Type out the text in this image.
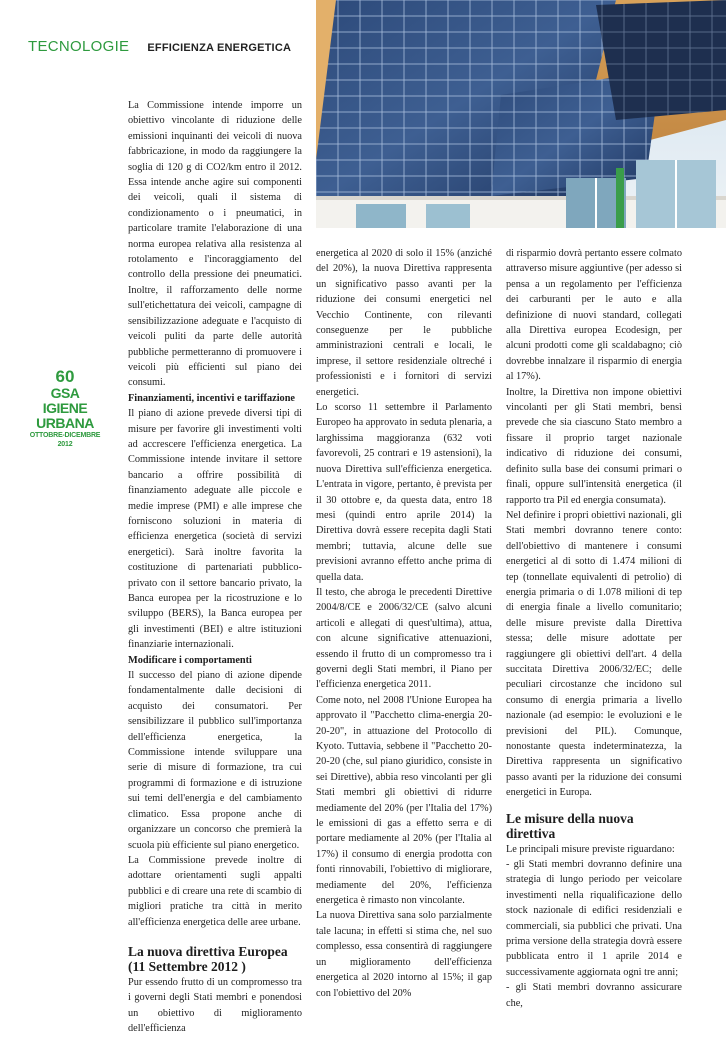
TECNOLOGIE EFFICIENZA ENERGETICA
60
GSA
IGIENE URBANA
OTTOBRE-DICEMBRE 2012

La Commissione intende imporre un obiettivo vincolante di riduzione delle emissioni inquinanti dei veicoli di nuova fabbricazione, in modo da raggiungere la soglia di 120 g di CO2/km entro il 2012. Essa intende anche agire sui componenti dei veicoli, quali il sistema di condizionamento o i pneumatici, in particolare tramite l'elaborazione di una norma europea relativa alla resistenza al rotolamento e l'incoraggiamento del controllo della pressione dei pneumatici. Inoltre, il rafforzamento delle norme sull'etichettatura dei veicoli, campagne di sensibilizzazione adeguate e l'acquisto di veicoli puliti da parte delle autorità pubbliche permetteranno di promuovere i veicoli più efficienti sul piano dei consumi.

Finanziamenti, incentivi e tariffazione

Il piano di azione prevede diversi tipi di misure per favorire gli investimenti volti ad accrescere l'efficienza energetica. La Commissione intende invitare il settore bancario a offrire possibilità di finanziamento adeguate alle piccole e medie imprese (PMI) e alle imprese che forniscono soluzioni in materia di efficienza energetica (società di servizi energetici). Sarà inoltre favorita la costituzione di partenariati pubblico-privato con il settore bancario privato, la Banca europea per la ricostruzione e lo sviluppo (BERS), la Banca europea per gli investimenti (BEI) e altre istituzioni finanziarie internazionali.

Modificare i comportamenti

Il successo del piano di azione dipende fondamentalmente dalle decisioni di acquisto dei consumatori. Per sensibilizzare il pubblico sull'importanza dell'efficienza energetica, la Commissione intende sviluppare una serie di misure di formazione, tra cui programmi di formazione e di istruzione sui temi dell'energia e del cambiamento climatico. Essa propone anche di organizzare un concorso che premierà la scuola più efficiente sul piano energetico.

La Commissione prevede inoltre di adottare orientamenti sugli appalti pubblici e di creare una rete di scambio di migliori pratiche tra città in merito all'efficienza energetica delle aree urbane.

La nuova direttiva Europea (11 Settembre 2012 )

Pur essendo frutto di un compromesso tra i governi degli Stati membri e ponendosi un obiettivo di miglioramento dell'efficienza

energetica al 2020 di solo il 15% (anziché del 20%), la nuova Direttiva rappresenta un significativo passo avanti per la riduzione dei consumi energetici nel Vecchio Continente, con rilevanti conseguenze per le pubbliche amministrazioni centrali e locali, le imprese, il settore residenziale oltreché i professionisti e i fornitori di servizi energetici.

Lo scorso 11 settembre il Parlamento Europeo ha approvato in seduta plenaria, a larghissima maggioranza (632 voti favorevoli, 25 contrari e 19 astensioni), la nuova Direttiva sull'efficienza energetica. L'entrata in vigore, pertanto, è prevista per il 30 ottobre e, da questa data, entro 18 mesi (quindi entro aprile 2014) la Direttiva dovrà essere recepita dagli Stati membri; tuttavia, alcune delle sue previsioni avranno effetto anche prima di quella data.

Il testo, che abroga le precedenti Direttive 2004/8/CE e 2006/32/CE (salvo alcuni articoli e allegati di quest'ultima), attua, con alcune significative attenuazioni, essendo il frutto di un compromesso tra i governi degli Stati membri, il Piano per l'efficienza energetica 2011.

Come noto, nel 2008 l'Unione Europea ha approvato il "Pacchetto clima-energia 20-20-20", in attuazione del Protocollo di Kyoto. Tuttavia, sebbene il "Pacchetto 20-20-20 (che, sul piano giuridico, consiste in sei Direttive), abbia reso vincolanti per gli Stati membri gli obiettivi di ridurre mediamente del 20% (per l'Italia del 17%) le emissioni di gas a effetto serra e di portare mediamente al 20% (per l'Italia al 17%) il consumo di energia prodotta con fonti rinnovabili, l'obiettivo di migliorare, mediamente del 20%, l'efficienza energetica è rimasto non vincolante.

La nuova Direttiva sana solo parzialmente tale lacuna; in effetti si stima che, nel suo complesso, essa consentirà di raggiungere un miglioramento dell'efficienza energetica al 2020 intorno al 15%; il gap con l'obiettivo del 20%

di risparmio dovrà pertanto essere colmato attraverso misure aggiuntive (per adesso si pensa a un regolamento per l'efficienza dei carburanti per le auto e alla definizione di nuovi standard, collegati alla Direttiva europea Ecodesign, per alcuni prodotti come gli scaldabagno; ciò dovrebbe innalzare il risparmio di energia al 17%).

Inoltre, la Direttiva non impone obiettivi vincolanti per gli Stati membri, bensì prevede che sia ciascuno Stato membro a fissare il proprio target nazionale indicativo di riduzione dei consumi, definito sulla base dei consumi primari o finali, oppure sull'intensità energetica (il rapporto tra Pil ed energia consumata).

Nel definire i propri obiettivi nazionali, gli Stati membri dovranno tenere conto: dell'obiettivo di mantenere i consumi energetici al di sotto di 1.474 milioni di tep (tonnellate equivalenti di petrolio) di energia primaria o di 1.078 milioni di tep di energia finale a livello comunitario; delle misure previste dalla Direttiva stessa; delle misure adottate per raggiungere gli obiettivi dell'art. 4 della succitata Direttiva 2006/32/EC; delle peculiari circostanze che incidono sul consumo di energia primaria a livello nazionale (ad esempio: le evoluzioni e le previsioni del PIL). Comunque, nonostante questa indeterminatezza, la Direttiva rappresenta un significativo passo avanti per la riduzione dei consumi energetici in Europa.

Le misure della nuova direttiva

Le principali misure previste riguardano:

- gli Stati membri dovranno definire una strategia di lungo periodo per veicolare investimenti nella riqualificazione dello stock nazionale di edifici residenziali e commerciali, sia pubblici che privati. Una prima versione della strategia dovrà essere pubblicata entro il 1 aprile 2014 e successivamente aggiornata ogni tre anni;

- gli Stati membri dovranno assicurare che,
